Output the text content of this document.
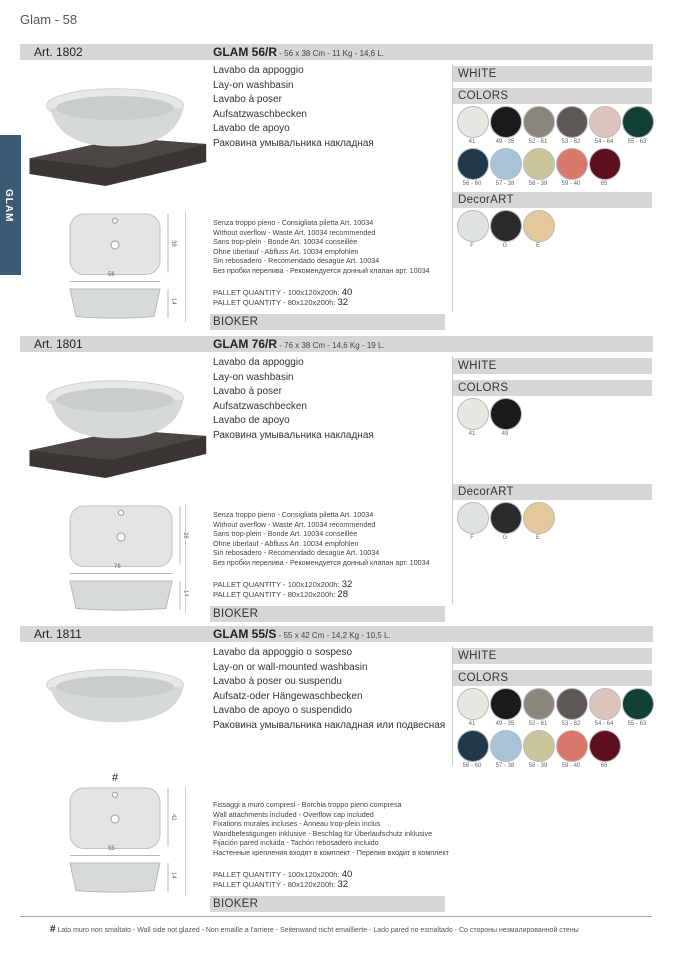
Glam - 58
GLAM
Art. 1802	GLAM 56/R - 56 x 38 Cm - 11 Kg - 14,6 L.
Lavabo da appoggio
Lay-on washbasin
Lavabo à poser
Aufsatzwaschbecken
Lavabo de apoyo
Раковина умывальника накладная
56
38
14
Senza troppo pieno - Consigliata piletta Art. 10034
Without overflow - Waste Art. 10034 recommended
Sans trop-plein - Bonde Art. 10034 conseillée
Ohne überlauf - Abfluss Art. 10034 empfohlen
Sin rebosadero - Recomendado desagüe Art. 10034
Без пробки перелива - Рекомендуется донный клапан арт. 10034
PALLET QUANTITY - 100x120x200h: 40
PALLET QUANTITY - 80x120x200h: 32
BIOKER
WHITE
COLORS
41	49 - 35	52 - 61	53 - 62	54 - 64	55 - 63
56 - 60	57 - 38	58 - 39	59 - 40	65
DecorART
F	G	E
Art. 1801	GLAM 76/R - 76 x 38 Cm - 14,6 Kg - 19 L.
Lavabo da appoggio
Lay-on washbasin
Lavabo à poser
Aufsatzwaschbecken
Lavabo de apoyo
Раковина умывальника накладная
76
Senza troppo pieno - Consigliata piletta Art. 10034
Without overflow - Waste Art. 10034 recommended
Sans trop-plein - Bonde Art. 10034 conseillée
Ohne überlauf - Abfluss Art. 10034 empfohlen
Sin rebosadero - Recomendado desagüe Art. 10034
Без пробки перелива - Рекомендуется донный клапан арт. 10034
PALLET QUANTITY - 100x120x200h: 32
PALLET QUANTITY - 80x120x200h: 28
BIOKER
WHITE
COLORS
41	49
DecorART
F	G	E
Art. 1811	GLAM 55/S - 55 x 42 Cm - 14,2 Kg - 10,5 L.
Lavabo da appoggio o sospeso
Lay-on or wall-mounted washbasin
Lavabo à poser ou suspendu
Aufsatz-oder Hängewaschbecken
Lavabo de apoyo o suspendido
Раковина умывальника накладная или подвесная
55
42
14
#
Fissaggi a muro compresi - Borchia troppo pieno compresa
Wall attachments included - Overflow cap included
Fixations murales incluses - Anneau trop-plein inclus
Wandbefestigungen inklusive - Beschlag für Überlaufschutz inklusive
Fijación pared incluida - Tachón rebosadero incluido
Настенные крепления входят в комплект - Перелив входит в комплект
PALLET QUANTITY - 100x120x200h: 40
PALLET QUANTITY - 80x120x200h: 32
BIOKER
WHITE
COLORS
41	49 - 35	52 - 61	53 - 62	54 - 64	55 - 63
56 - 60	57 - 38	58 - 39	59 - 40	65
# Lato muro non smaltato - Wall side not glazed - Non emaille a l'arriere - Seitenwand nicht emaillierte - Lado pared no esmaltado - Со стороны незмалированной стены
